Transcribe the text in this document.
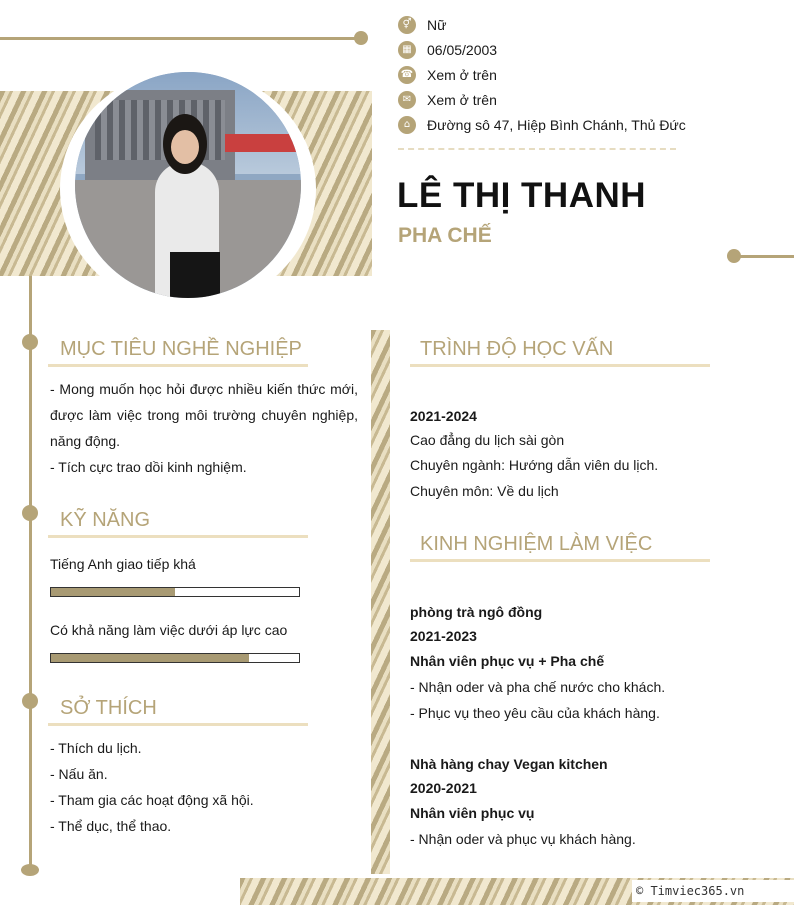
⚥	Nữ
▦	06/05/2003
☎ Xem ở trên
✉	Xem ở trên
⌂	Đường sô 47, Hiệp Bình Chánh, Thủ Đức
LÊ THỊ THANH
PHA CHẾ
MỤC TIÊU NGHỀ NGHIỆP
- Mong muốn học hỏi được nhiều kiến thức mới, được làm việc trong môi trường chuyên nghiệp, năng động.
- Tích cực trao dồi kinh nghiệm.
KỸ NĂNG
Tiếng Anh giao tiếp khá
Có khả năng làm việc dưới áp lực cao
SỞ THÍCH
- Thích du lịch.
- Nấu ăn.
- Tham gia các hoạt động xã hội.
- Thể dục, thể thao.
TRÌNH ĐỘ HỌC VẤN
2021-2024
Cao đẳng du lịch sài gòn
Chuyên ngành: Hướng dẫn viên du lịch.
Chuyên môn: Về du lịch
KINH NGHIỆM LÀM VIỆC
phòng trà ngô đồng
2021-2023
Nhân viên phục vụ + Pha chế
- Nhận oder và pha chế nước cho khách.
- Phục vụ theo yêu cầu của khách hàng.
Nhà hàng chay Vegan kitchen
2020-2021
Nhân viên phục vụ
- Nhận oder và phục vụ khách hàng.
© Timviec365.vn
